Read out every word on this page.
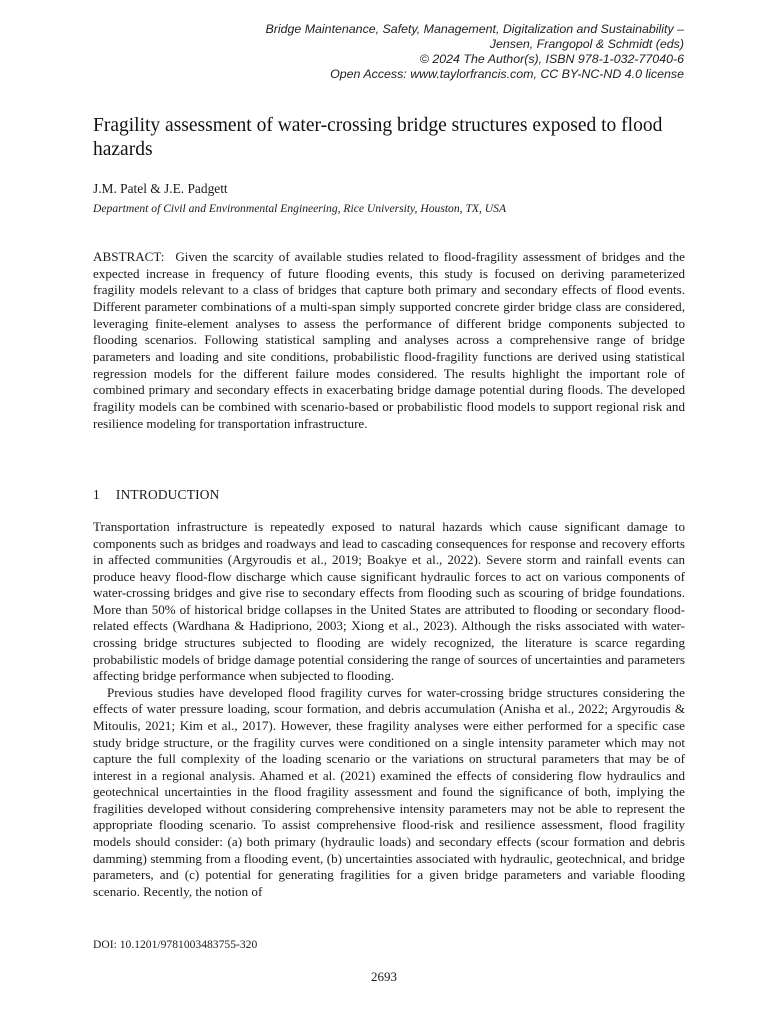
Bridge Maintenance, Safety, Management, Digitalization and Sustainability –
Jensen, Frangopol & Schmidt (eds)
© 2024 The Author(s), ISBN 978-1-032-77040-6
Open Access: www.taylorfrancis.com, CC BY-NC-ND 4.0 license
Fragility assessment of water-crossing bridge structures exposed to flood hazards
J.M. Patel & J.E. Padgett
Department of Civil and Environmental Engineering, Rice University, Houston, TX, USA
ABSTRACT: Given the scarcity of available studies related to flood-fragility assessment of bridges and the expected increase in frequency of future flooding events, this study is focused on deriving parameterized fragility models relevant to a class of bridges that capture both primary and secondary effects of flood events. Different parameter combinations of a multi-span simply supported concrete girder bridge class are considered, leveraging finite-element analyses to assess the performance of different bridge components subjected to flooding scenarios. Following statistical sampling and analyses across a comprehensive range of bridge parameters and loading and site conditions, probabilistic flood-fragility functions are derived using statistical regression models for the different failure modes considered. The results highlight the important role of combined primary and secondary effects in exacerbating bridge damage potential during floods. The developed fragility models can be combined with scenario-based or probabilistic flood models to support regional risk and resilience modeling for transportation infrastructure.
1 INTRODUCTION

Transportation infrastructure is repeatedly exposed to natural hazards which cause significant damage to components such as bridges and roadways and lead to cascading consequences for response and recovery efforts in affected communities (Argyroudis et al., 2019; Boakye et al., 2022). Severe storm and rainfall events can produce heavy flood-flow discharge which cause significant hydraulic forces to act on various components of water-crossing bridges and give rise to secondary effects from flooding such as scouring of bridge foundations. More than 50% of historical bridge collapses in the United States are attributed to flooding or secondary flood-related effects (Wardhana & Hadipriono, 2003; Xiong et al., 2023). Although the risks associated with water-crossing bridge structures subjected to flooding are widely recognized, the literature is scarce regarding probabilistic models of bridge damage potential considering the range of sources of uncertainties and parameters affecting bridge performance when subjected to flooding.

Previous studies have developed flood fragility curves for water-crossing bridge structures considering the effects of water pressure loading, scour formation, and debris accumulation (Anisha et al., 2022; Argyroudis & Mitoulis, 2021; Kim et al., 2017). However, these fragility analyses were either performed for a specific case study bridge structure, or the fragility curves were conditioned on a single intensity parameter which may not capture the full complexity of the loading scenario or the variations on structural parameters that may be of interest in a regional analysis. Ahamed et al. (2021) examined the effects of considering flow hydraulics and geotechnical uncertainties in the flood fragility assessment and found the significance of both, implying the fragilities developed without considering comprehensive intensity parameters may not be able to represent the appropriate flooding scenario. To assist comprehensive flood-risk and resilience assessment, flood fragility models should consider: (a) both primary (hydraulic loads) and secondary effects (scour formation and debris damming) stemming from a flooding event, (b) uncertainties associated with hydraulic, geotechnical, and bridge parameters, and (c) potential for generating fragilities for a given bridge parameters and variable flooding scenario. Recently, the notion of

DOI: 10.1201/9781003483755-320
2693
